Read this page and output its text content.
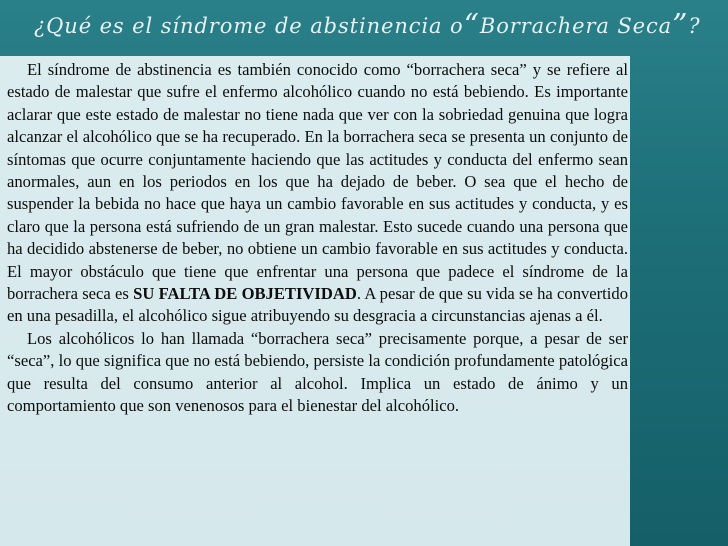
¿Qué es el síndrome de abstinencia o“Borrachera Seca”?

El síndrome de abstinencia es también conocido como “borrachera seca” y se refiere al estado de malestar que sufre el enfermo alcohólico cuando no está bebiendo. Es importante aclarar que este estado de malestar no tiene nada que ver con la sobriedad genuina que logra alcanzar el alcohólico que se ha recuperado. En la borrachera seca se presenta un conjunto de síntomas que ocurre conjuntamente haciendo que las actitudes y conducta del enfermo sean anormales, aun en los periodos en los que ha dejado de beber. O sea que el hecho de suspender la bebida no hace que haya un cambio favorable en sus actitudes y conducta, y es claro que la persona está sufriendo de un gran malestar. Esto sucede cuando una persona que ha decidido abstenerse de beber, no obtiene un cambio favorable en sus actitudes y conducta. El mayor obstáculo que tiene que enfrentar una persona que padece el síndrome de la borrachera seca es SU FALTA DE OBJETIVIDAD. A pesar de que su vida se ha convertido en una pesadilla, el alcohólico sigue atribuyendo su desgracia a circunstancias ajenas a él.

Los alcohólicos lo han llamada “borrachera seca” precisamente porque, a pesar de ser “seca”, lo que significa que no está bebiendo, persiste la condición profundamente patológica que resulta del consumo anterior al alcohol. Implica un estado de ánimo y un comportamiento que son venenosos para el bienestar del alcohólico.
